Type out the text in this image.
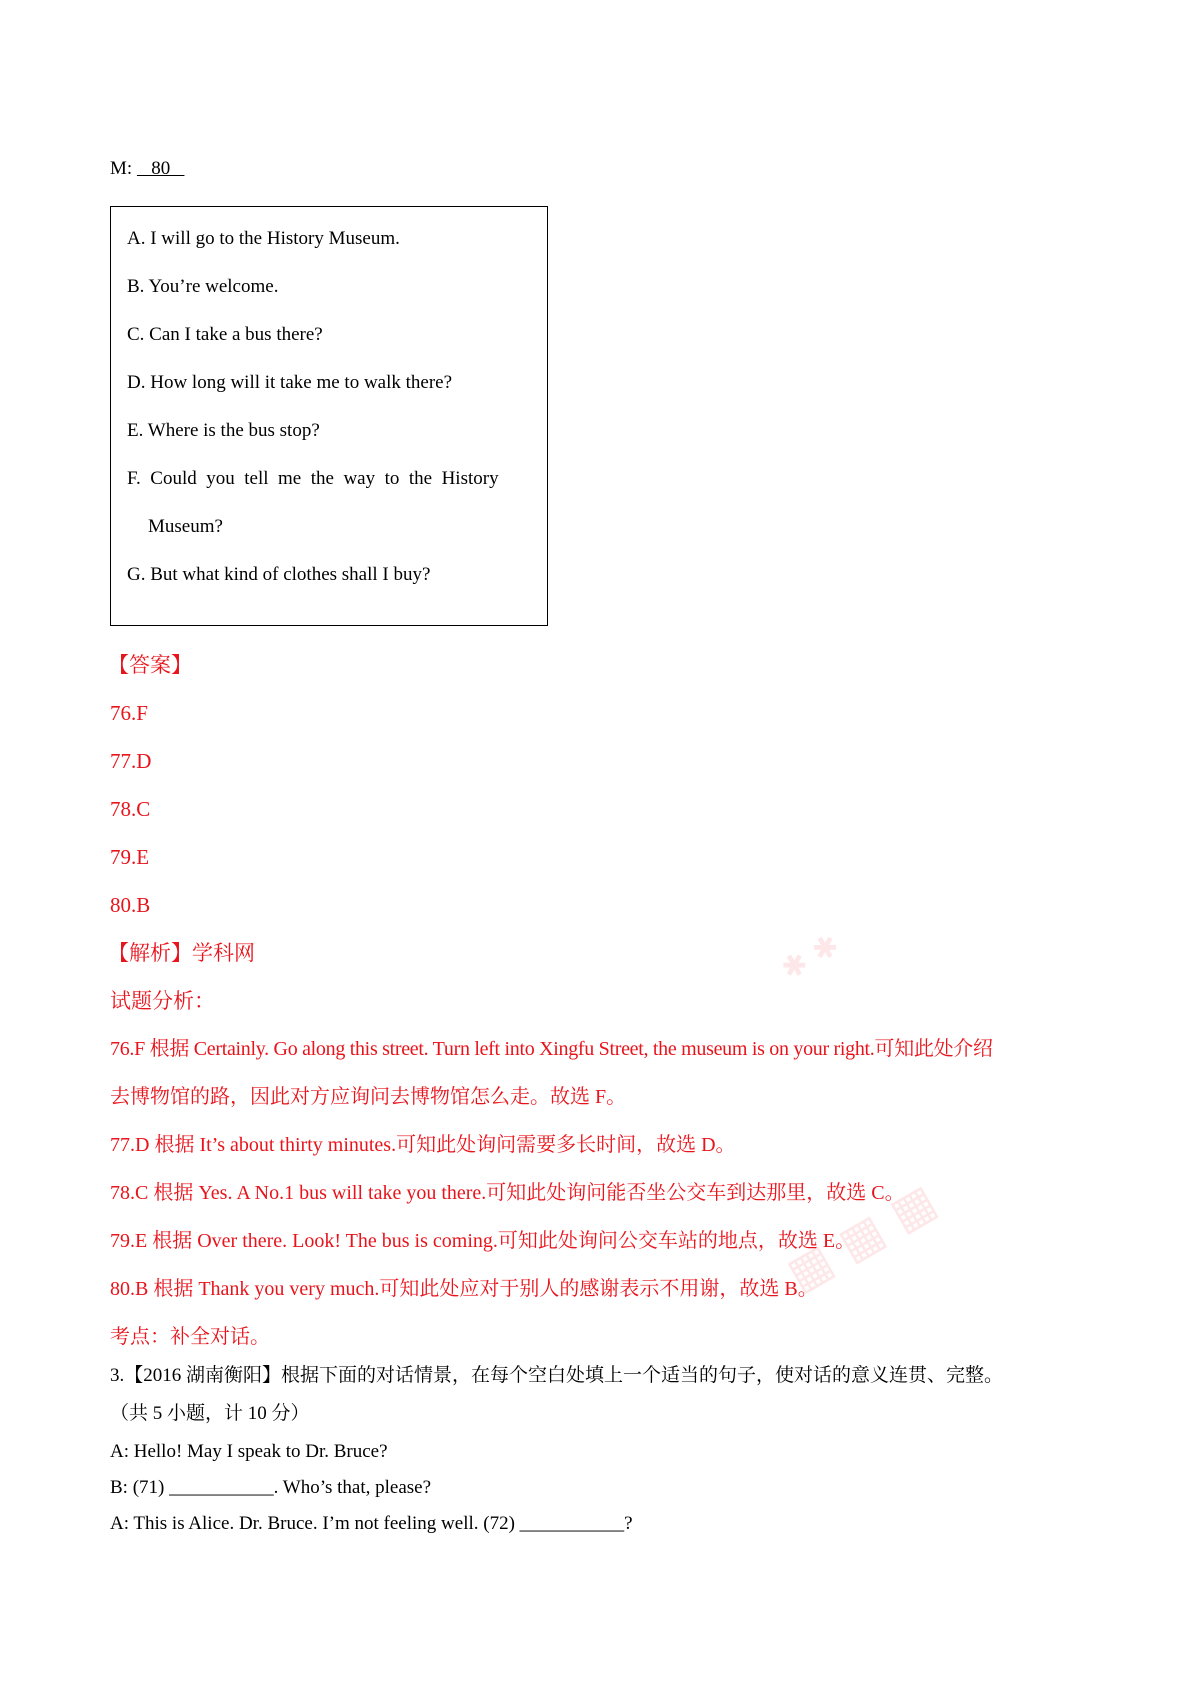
▦ ▦ ▦
✱ ✱
M:    80
A. I will go to the History Museum.
B. You’re welcome.
C. Can I take a bus there?
D. How long will it take me to walk there?
E. Where is the bus stop?
F.  Could  you  tell  me  the  way  to  the  History
Museum?
G. But what kind of clothes shall I buy?
【答案】
76.F
77.D
78.C
79.E
80.B
【解析】学科网
试题分析：
76.F 根据 Certainly. Go along this street. Turn left into Xingfu Street, the museum is on your right.可知此处介绍
去博物馆的路，因此对方应询问去博物馆怎么走。故选 F。
77.D 根据 It’s about thirty minutes.可知此处询问需要多长时间，故选 D。
78.C 根据 Yes. A No.1 bus will take you there.可知此处询问能否坐公交车到达那里，故选 C。
79.E 根据 Over there. Look! The bus is coming.可知此处询问公交车站的地点，故选 E。
80.B 根据 Thank you very much.可知此处应对于别人的感谢表示不用谢，故选 B。
考点：补全对话。
3.【2016 湖南衡阳】根据下面的对话情景，在每个空白处填上一个适当的句子，使对话的意义连贯、完整。
（共 5 小题，计 10 分）
A: Hello! May I speak to Dr. Bruce?
B: (71) ___________. Who’s that, please?
A: This is Alice. Dr. Bruce. I’m not feeling well. (72) ___________?
